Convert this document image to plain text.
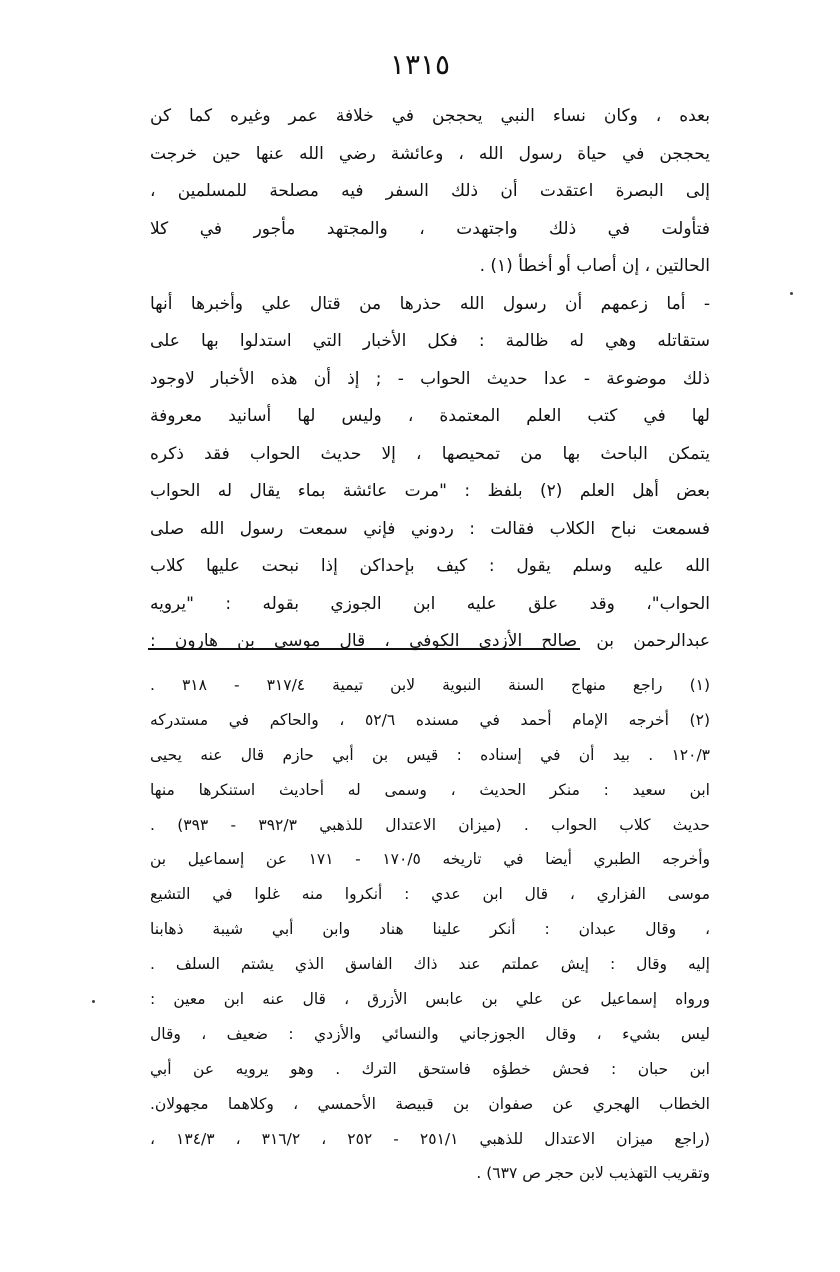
١٣١٥
بعده ، وكان نساء النبي يحججن في خلافة عمر وغيره كما كن
يحججن في حياة رسول الله ، وعائشة رضي الله عنها حين خرجت
إلى البصرة اعتقدت أن ذلك السفر فيه مصلحة للمسلمين ،
فتأولت في ذلك واجتهدت ، والمجتهد مأجور في كلا
الحالتين ، إن أصاب أو أخطأ (١) .
- أما زعمهم أن رسول الله حذرها من قتال علي وأخبرها أنها
ستقاتله وهي له ظالمة : فكل الأخبار التي استدلوا بها على
ذلك موضوعة - عدا حديث الحواب - ; إذ أن هذه الأخبار لاوجود
لها في كتب العلم المعتمدة ، وليس لها أسانيد معروفة
يتمكن الباحث بها من تمحيصها ، إلا حديث الحواب فقد ذكره
بعض أهل العلم (٢) بلفظ : "مرت عائشة بماء يقال له الحواب
فسمعت نباح الكلاب فقالت : ردوني فإني سمعت رسول الله صلى
الله عليه وسلم يقول : كيف بإحداكن إذا نبحت عليها كلاب
الحواب"، وقد علق عليه ابن الجوزي بقوله : "يرويه
عبدالرحمن بن صالح الأزدي الكوفي ، قال موسى بن هارون :
(١) راجع منهاج السنة النبوية لابن تيمية ٣١٧/٤ - ٣١٨ .
(٢) أخرجه الإمام أحمد في مسنده ٥٢/٦ ، والحاكم في مستدركه
١٢٠/٣ . بيد أن في إسناده : قيس بن أبي حازم قال عنه يحيى
ابن سعيد : منكر الحديث ، وسمى له أحاديث استنكرها منها
حديث كلاب الحواب . (ميزان الاعتدال للذهبي ٣٩٢/٣ - ٣٩٣) .
وأخرجه الطبري أيضا في تاريخه ١٧٠/٥ - ١٧١ عن إسماعيل بن
موسى الفزاري ، قال ابن عدي : أنكروا منه غلوا في التشيع
، وقال عبدان : أنكر علينا هناد وابن أبي شيبة ذهابنا
إليه وقال : إيش عملتم عند ذاك الفاسق الذي يشتم السلف .
ورواه إسماعيل عن علي بن عابس الأزرق ، قال عنه ابن معين :
ليس بشيء ، وقال الجوزجاني والنسائي والأزدي : ضعيف ، وقال
ابن حبان : فحش خطؤه فاستحق الترك . وهو يرويه عن أبي
الخطاب الهجري عن صفوان بن قبيصة الأحمسي ، وكلاهما مجهولان.
(راجع ميزان الاعتدال للذهبي ٢٥١/١ - ٢٥٢ ، ٣١٦/٢ ، ١٣٤/٣ ،
وتقريب التهذيب لابن حجر ص ٦٣٧) .
